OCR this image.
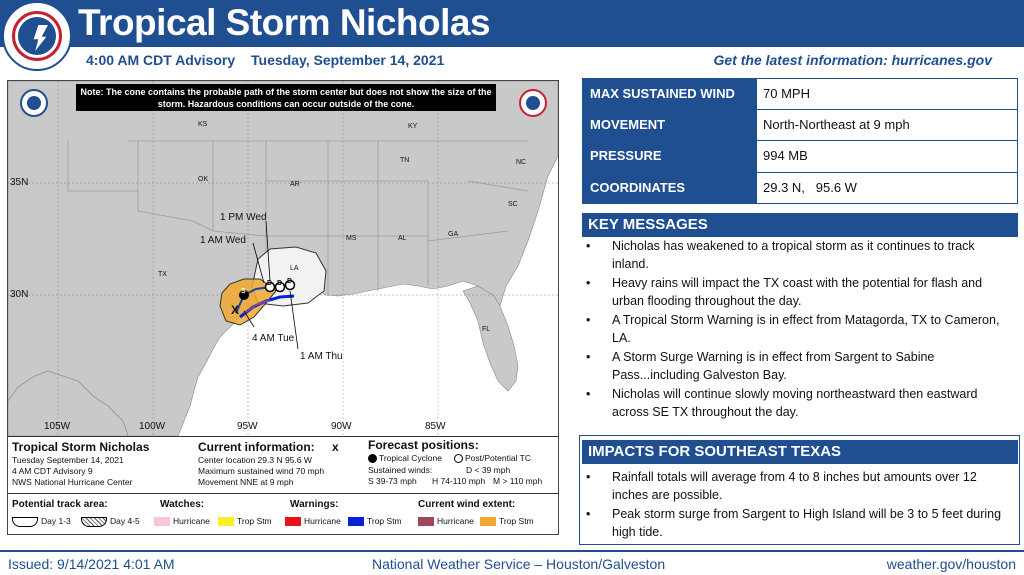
Tropical Storm Nicholas
4:00 AM CDT Advisory Tuesday, September 14, 2021	Get the latest information: hurricanes.gov
Note: The cone contains the probable path of the storm center but does not show the size of the storm. Hazardous conditions can occur outside of the cone.
35N
30N
105W	100W	95W	90W	85W
TX
LA
MS	AL
GA
OK
AR
TN
KS	KY
SC
NC
FL
1 PM Wed
1 AM Wed
4 AM Tue
1 AM Thu
S
D D D
X
Tropical Storm Nicholas
Tuesday September 14, 2021
4 AM CDT Advisory 9
NWS National Hurricane Center
Current information: x
Center location 29.3 N 95.6 W
Maximum sustained wind 70 mph
Movement NNE at 9 mph
Forecast positions:
Tropical Cyclone	Post/Potential TC
Sustained winds:	D < 39 mph
S 39-73 mph H 74-110 mph M > 110 mph
Potential track area:
Day 1-3	Day 4-5
Watches:
Hurricane	Trop Stm
Warnings:
Hurricane	Trop Stm
Current wind extent:
Hurricane	Trop Stm
MAX SUSTAINED WIND	70 MPH
MOVEMENT	North-Northeast at 9 mph
PRESSURE	994 MB
COORDINATES	29.3 N,   95.6 W
KEY MESSAGES
• Nicholas has weakened to a tropical storm as it continues to track inland.
• Heavy rains will impact the TX coast with the potential for flash and urban flooding throughout the day.
• A Tropical Storm Warning is in effect from Matagorda, TX to Cameron, LA.
• A Storm Surge Warning is in effect from Sargent to Sabine Pass...including Galveston Bay.
• Nicholas will continue slowly moving northeastward then eastward across SE TX throughout the day.
IMPACTS FOR SOUTHEAST TEXAS
• Rainfall totals will average from 4 to 8 inches but amounts over 12 inches are possible.
• Peak storm surge from Sargent to High Island will be 3 to 5 feet during high tide.
Issued: 9/14/2021 4:01 AM	National Weather Service – Houston/Galveston	weather.gov/houston
